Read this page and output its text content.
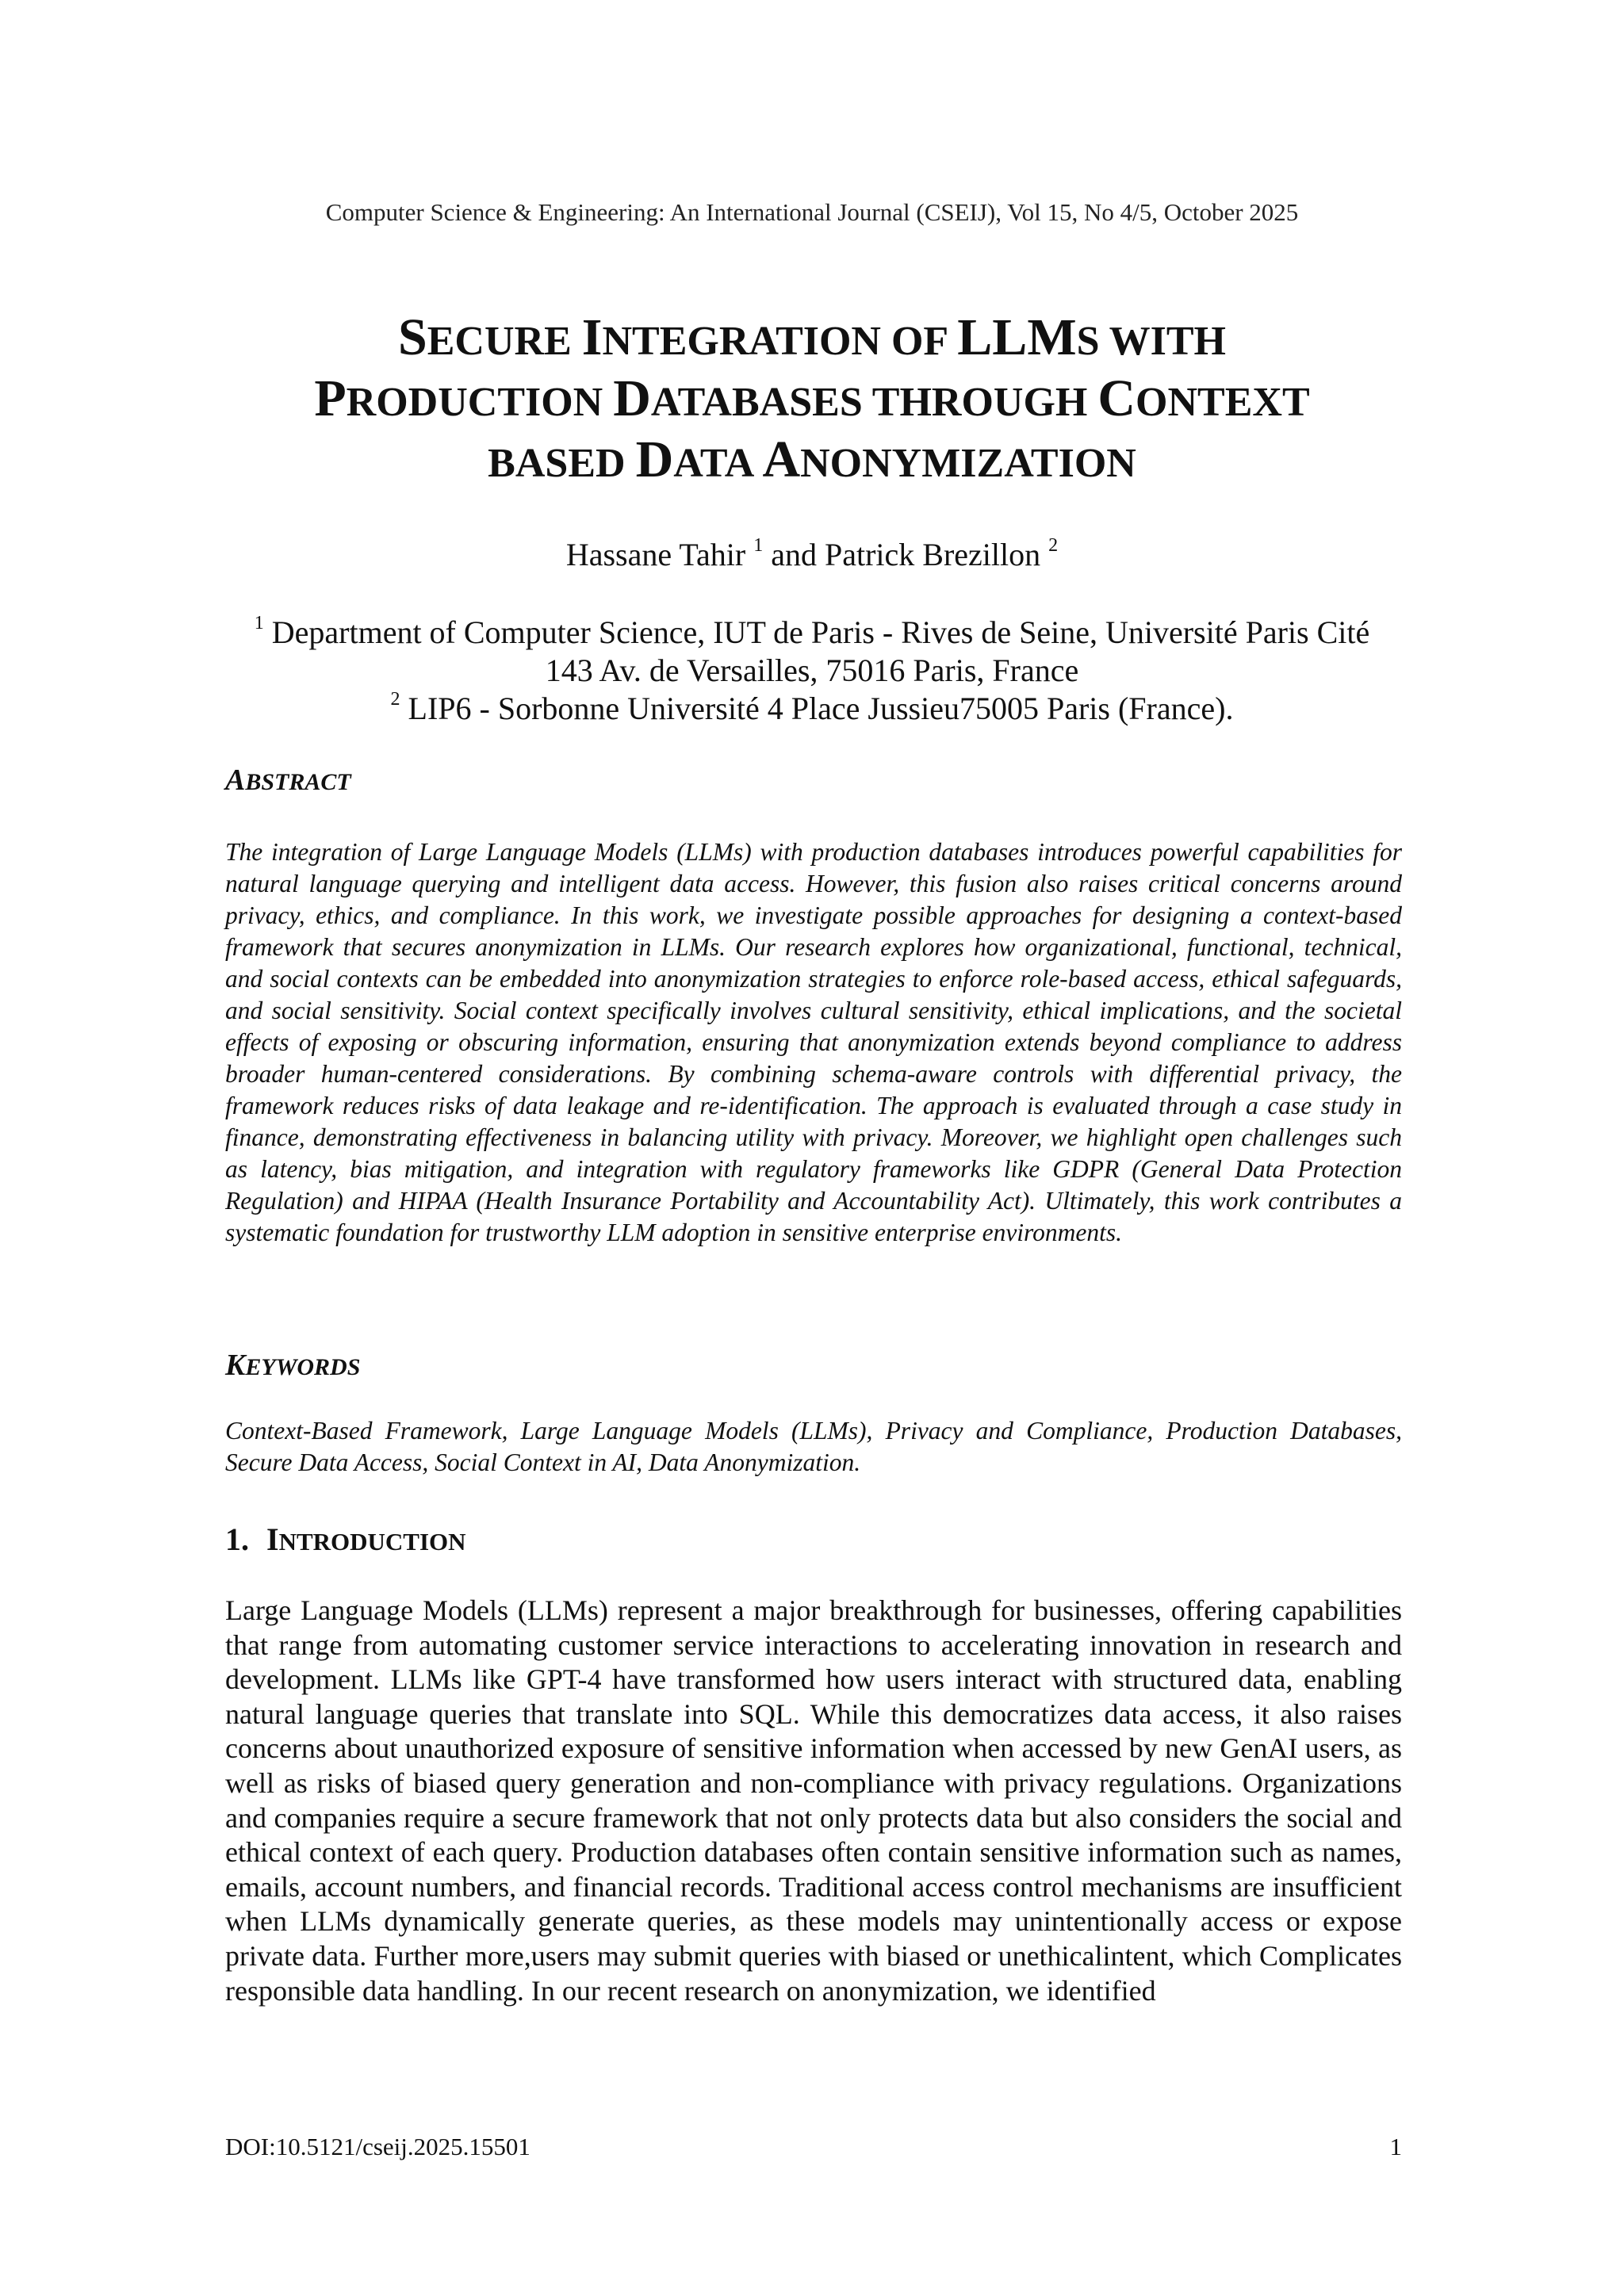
Computer Science & Engineering: An International Journal (CSEIJ), Vol 15, No 4/5, October 2025
SECURE INTEGRATION OF LLMS WITH
PRODUCTION DATABASES THROUGH CONTEXT
BASED DATA ANONYMIZATION
Hassane Tahir $^1$ and Patrick Brezillon $^2$
$^1$ Department of Computer Science, IUT de Paris - Rives de Seine, Université Paris Cité
143 Av. de Versailles, 75016 Paris, France
$^2$ LIP6 - Sorbonne Université 4 Place Jussieu75005 Paris (France).
ABSTRACT

The integration of Large Language Models (LLMs) with production databases introduces powerful capabilities for natural language querying and intelligent data access. However, this fusion also raises critical concerns around privacy, ethics, and compliance. In this work, we investigate possible approaches for designing a context-based framework that secures anonymization in LLMs. Our research explores how organizational, functional, technical, and social contexts can be embedded into anonymization strategies to enforce role-based access, ethical safeguards, and social sensitivity. Social context specifically involves cultural sensitivity, ethical implications, and the societal effects of exposing or obscuring information, ensuring that anonymization extends beyond compliance to address broader human-centered considerations. By combining schema-aware controls with differential privacy, the framework reduces risks of data leakage and re-identification. The approach is evaluated through a case study in finance, demonstrating effectiveness in balancing utility with privacy. Moreover, we highlight open challenges such as latency, bias mitigation, and integration with regulatory frameworks like GDPR (General Data Protection Regulation) and HIPAA (Health Insurance Portability and Accountability Act). Ultimately, this work contributes a systematic foundation for trustworthy LLM adoption in sensitive enterprise environments.

KEYWORDS

Context-Based Framework, Large Language Models (LLMs), Privacy and Compliance, Production Databases, Secure Data Access, Social Context in AI, Data Anonymization.

1. INTRODUCTION

Large Language Models (LLMs) represent a major breakthrough for businesses, offering capabilities that range from automating customer service interactions to accelerating innovation in research and development. LLMs like GPT-4 have transformed how users interact with structured data, enabling natural language queries that translate into SQL. While this democratizes data access, it also raises concerns about unauthorized exposure of sensitive information when accessed by new GenAI users, as well as risks of biased query generation and non-compliance with privacy regulations. Organizations and companies require a secure framework that not only protects data but also considers the social and ethical context of each query. Production databases often contain sensitive information such as names, emails, account numbers, and financial records. Traditional access control mechanisms are insufficient when LLMs dynamically generate queries, as these models may unintentionally access or expose private data. Further more,users may submit queries with biased or unethicalintent, which Complicates responsible data handling. In our recent research on anonymization, we identified

DOI:10.5121/cseij.2025.15501	1
